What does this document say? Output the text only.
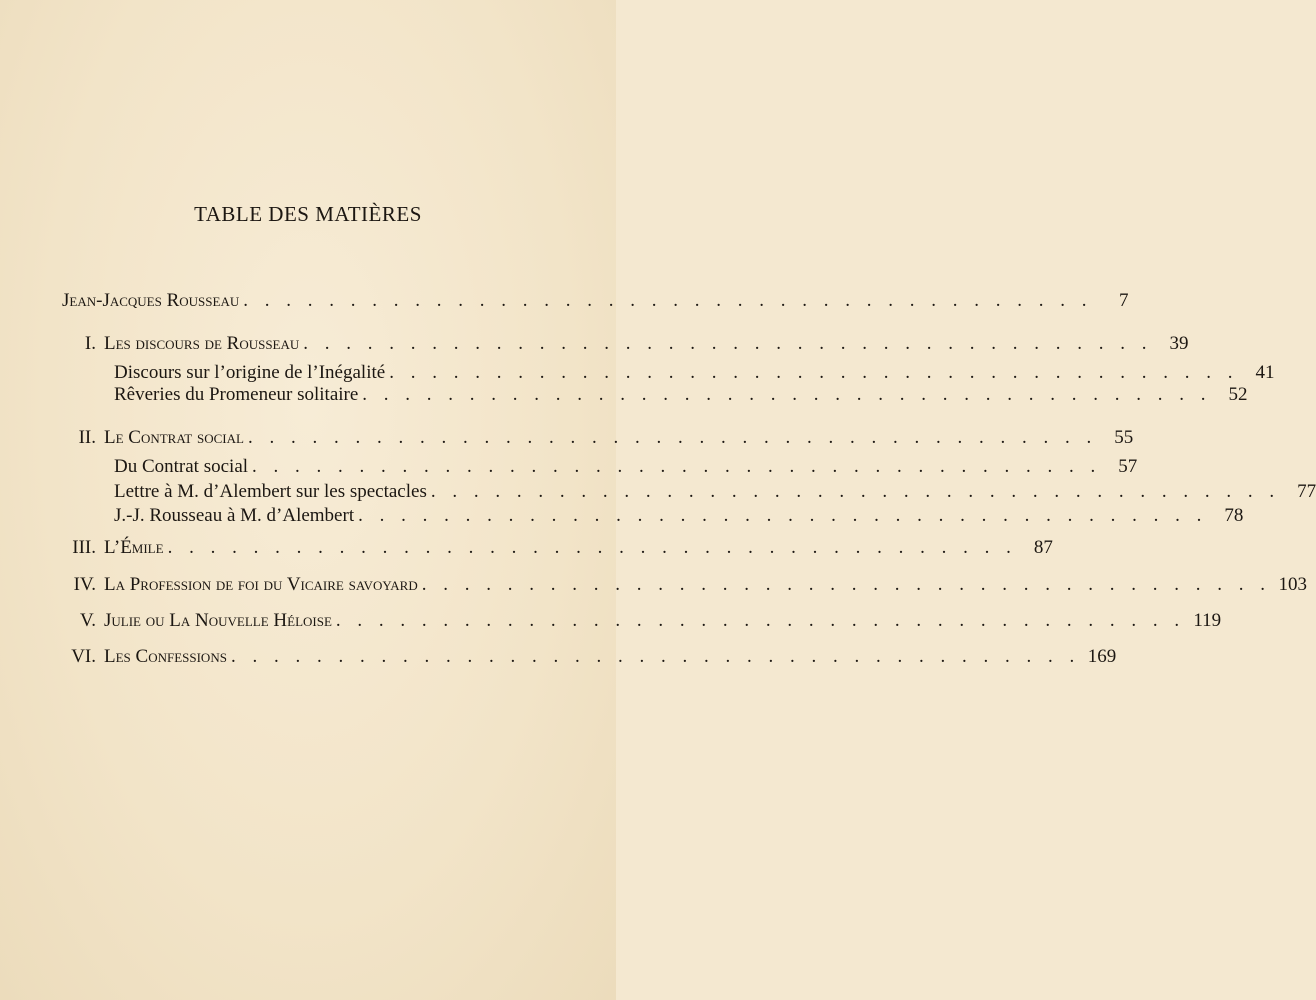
TABLE DES MATIÈRES
Jean-Jacques Rousseau . . . . . . . . . . . . . . . . . . . . . . . . . . . . . . . . . . . . . . . .	7
I. Les discours de Rousseau . . . . . . . . . . . . . . . . . . . . . . . . . . . . . . . . . . . . . . . . 39
Discours sur l’origine de l’Inégalité . . . . . . . . . . . . . . . . . . . . . . . . . . . . . . . . . . . . . . . . 41
Rêveries du Promeneur solitaire . . . . . . . . . . . . . . . . . . . . . . . . . . . . . . . . . . . . . . . . 52
II. Le Contrat social . . . . . . . . . . . . . . . . . . . . . . . . . . . . . . . . . . . . . . . . 55
Du Contrat social . . . . . . . . . . . . . . . . . . . . . . . . . . . . . . . . . . . . . . . . 57
Lettre à M. d’Alembert sur les spectacles . . . . . . . . . . . . . . . . . . . . . . . . . . . . . . . . . . . . . . . . 77
J.-J. Rousseau à M. d’Alembert . . . . . . . . . . . . . . . . . . . . . . . . . . . . . . . . . . . . . . . . 78
III. L’Émile . . . . . . . . . . . . . . . . . . . . . . . . . . . . . . . . . . . . . . . . 87
IV. La Profession de foi du Vicaire savoyard . . . . . . . . . . . . . . . . . . . . . . . . . . . . . . . . . . . . . . . . 103
V. Julie ou La Nouvelle Héloise . . . . . . . . . . . . . . . . . . . . . . . . . . . . . . . . . . . . . . . . 119
VI. Les Confessions . . . . . . . . . . . . . . . . . . . . . . . . . . . . . . . . . . . . . . . . 169
